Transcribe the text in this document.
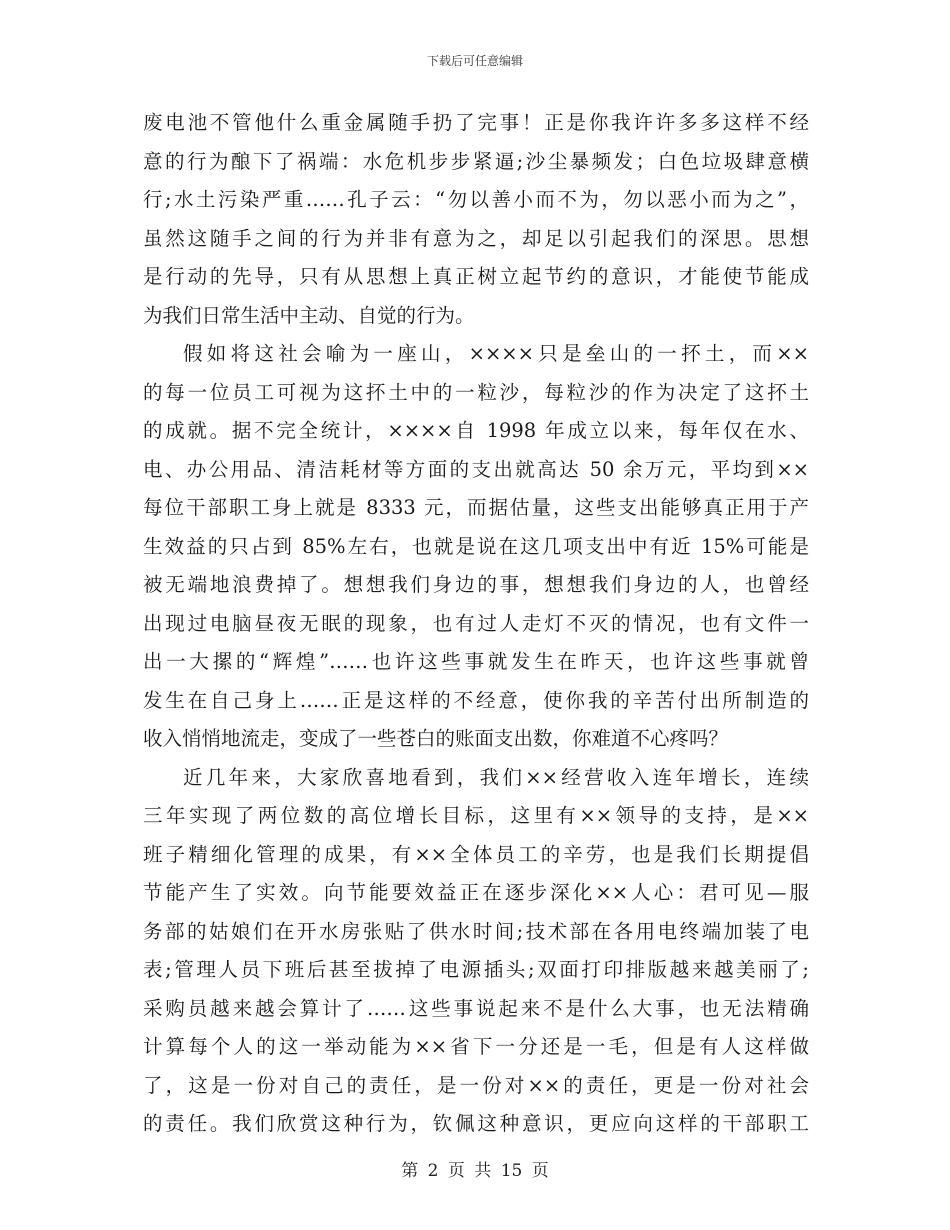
下载后可任意编辑
废电池不管他什么重金属随手扔了完事！正是你我许许多多这样不经
意的行为酿下了祸端：水危机步步紧逼;沙尘暴频发；白色垃圾肆意横
行;水土污染严重……孔子云：“勿以善小而不为，勿以恶小而为之”，
虽然这随手之间的行为并非有意为之，却足以引起我们的深思。思想
是行动的先导，只有从思想上真正树立起节约的意识，才能使节能成
为我们日常生活中主动、自觉的行为。
假如将这社会喻为一座山，××××只是垒山的一抔土，而××
的每一位员工可视为这抔土中的一粒沙，每粒沙的作为决定了这抔土
的成就。据不完全统计，××××自 1998 年成立以来，每年仅在水、
电、办公用品、清洁耗材等方面的支出就高达 50 余万元，平均到××
每位干部职工身上就是 8333 元，而据估量，这些支出能够真正用于产
生效益的只占到 85%左右，也就是说在这几项支出中有近 15%可能是
被无端地浪费掉了。想想我们身边的事，想想我们身边的人，也曾经
出现过电脑昼夜无眠的现象，也有过人走灯不灭的情况，也有文件一
出一大摞的“辉煌”……也许这些事就发生在昨天，也许这些事就曾
发生在自己身上……正是这样的不经意，使你我的辛苦付出所制造的
收入悄悄地流走，变成了一些苍白的账面支出数，你难道不心疼吗？
近几年来，大家欣喜地看到，我们××经营收入连年增长，连续
三年实现了两位数的高位增长目标，这里有××领导的支持，是××
班子精细化管理的成果，有××全体员工的辛劳，也是我们长期提倡
节能产生了实效。向节能要效益正在逐步深化××人心：君可见—服
务部的姑娘们在开水房张贴了供水时间;技术部在各用电终端加装了电
表;管理人员下班后甚至拔掉了电源插头;双面打印排版越来越美丽了;
采购员越来越会算计了……这些事说起来不是什么大事，也无法精确
计算每个人的这一举动能为××省下一分还是一毛，但是有人这样做
了，这是一份对自己的责任，是一份对××的责任，更是一份对社会
的责任。我们欣赏这种行为，钦佩这种意识，更应向这样的干部职工
第 2 页 共 15 页
